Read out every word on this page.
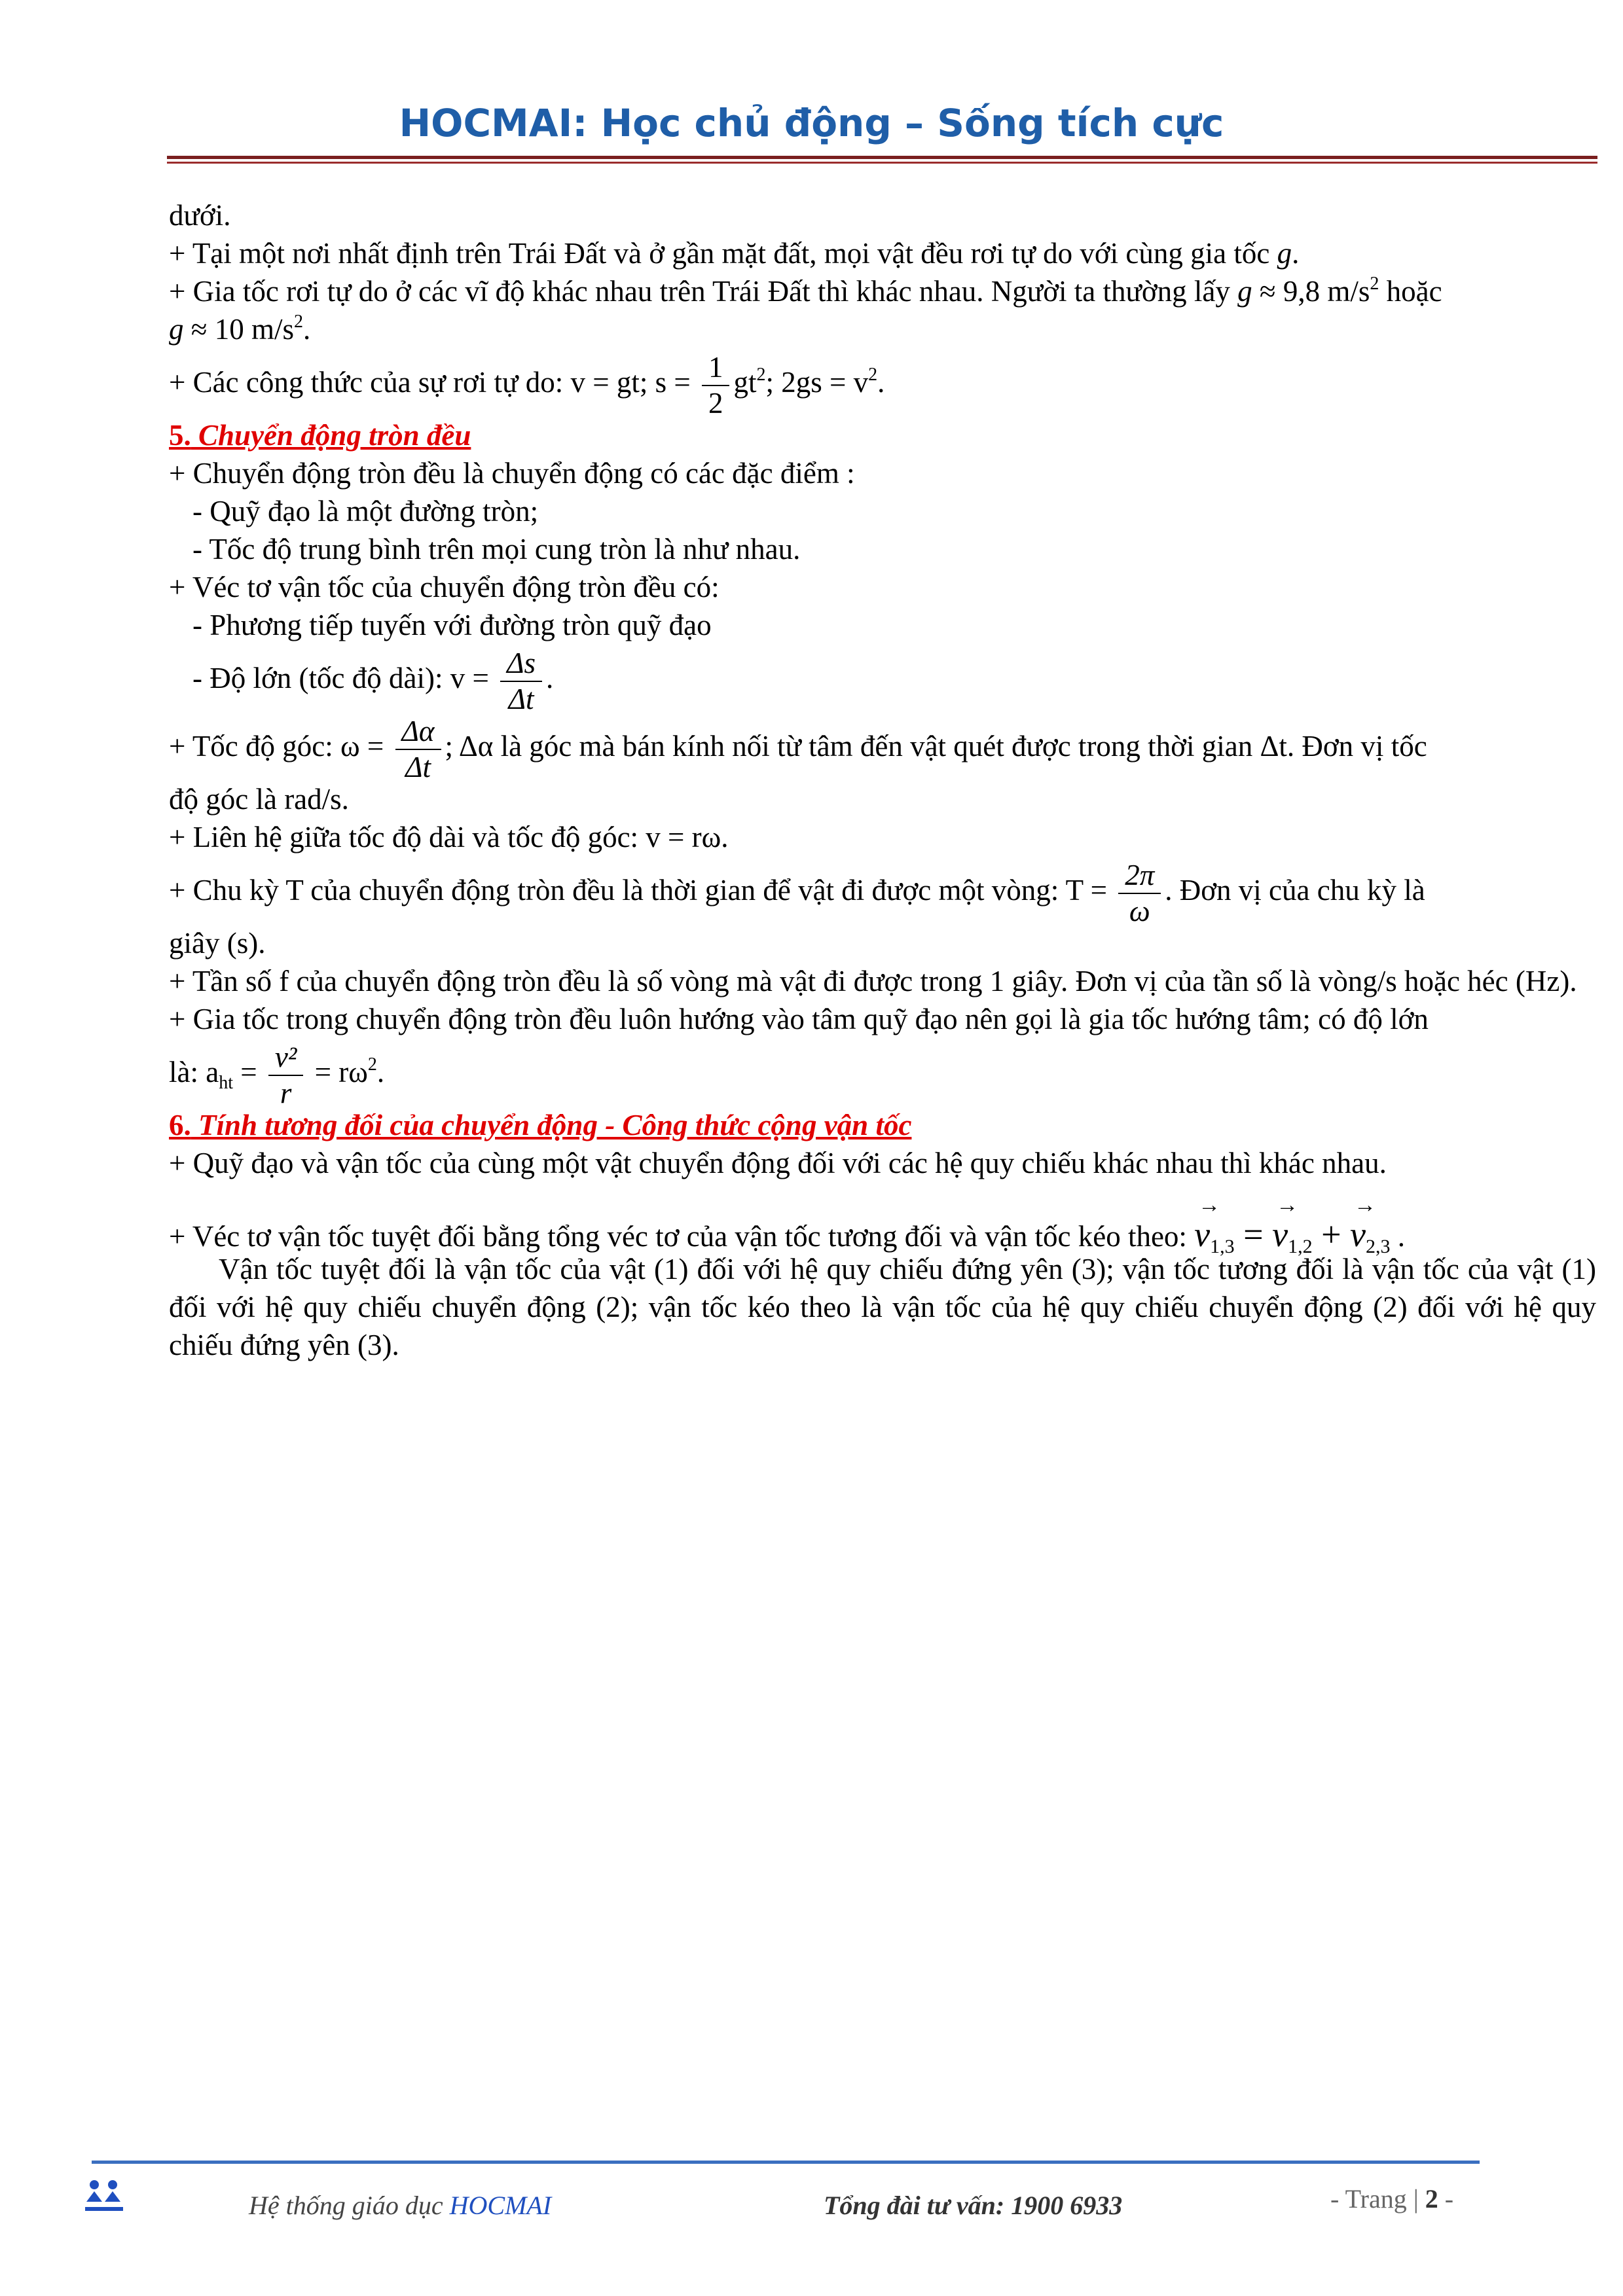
HOCMAI: Học chủ động – Sống tích cực
dưới.
+ Tại một nơi nhất định trên Trái Đất và ở gần mặt đất, mọi vật đều rơi tự do với cùng gia tốc g.
+ Gia tốc rơi tự do ở các vĩ độ khác nhau trên Trái Đất thì khác nhau. Người ta thường lấy g ≈ 9,8 $m/s^2$ hoặc
g ≈ 10 $m/s^2$.
+ Các công thức của sự rơi tự do: v = gt; $s = \frac{1}{2} gt^2$; $2gs = v^2$.
5. Chuyển động tròn đều
+ Chuyển động tròn đều là chuyển động có các đặc điểm :
- Quỹ đạo là một đường tròn;
- Tốc độ trung bình trên mọi cung tròn là như nhau.
+ Véc tơ vận tốc của chuyển động tròn đều có:
- Phương tiếp tuyến với đường tròn quỹ đạo
- Độ lớn (tốc độ dài): $v = \frac{\Delta s}{\Delta t}$ .
+ Tốc độ góc: $\omega = \frac{\Delta\alpha}{\Delta t}$ ; Δα là góc mà bán kính nối từ tâm đến vật quét được trong thời gian Δt. Đơn vị tốc
độ góc là rad/s.
+ Liên hệ giữa tốc độ dài và tốc độ góc: v = rω.
+ Chu kỳ T của chuyển động tròn đều là thời gian để vật đi được một vòng: $T = \frac{2\pi}{\omega}$ . Đơn vị của chu kỳ là
giây (s).
+ Tần số f của chuyển động tròn đều là số vòng mà vật đi được trong 1 giây. Đơn vị của tần số là vòng/s hoặc héc (Hz).
+ Gia tốc trong chuyển động tròn đều luôn hướng vào tâm quỹ đạo nên gọi là gia tốc hướng tâm; có độ lớn
là: $a_{ht} = \frac{\text{v²}}{r} = r\omega^2$.
6. Tính tương đối của chuyển động - Công thức cộng vận tốc
+ Quỹ đạo và vận tốc của cùng một vật chuyển động đối với các hệ quy chiếu khác nhau thì khác nhau.
+ Véc tơ vận tốc tuyệt đối bằng tổng véc tơ của vận tốc tương đối và vận tốc kéo theo: → $v_{1,3}$ = → $v_{1,2}$ + → $v_{2,3}$ .
Vận tốc tuyệt đối là vận tốc của vật (1) đối với hệ quy chiếu đứng yên (3); vận tốc tương đối là vận tốc của vật (1) đối với hệ quy chiếu chuyển động (2); vận tốc kéo theo là vận tốc của hệ quy chiếu chuyển động (2) đối với hệ quy chiếu đứng yên (3).
Hệ thống giáo dục HOCMAI	Tổng đài tư vấn: 1900 6933	- Trang | 2 -
